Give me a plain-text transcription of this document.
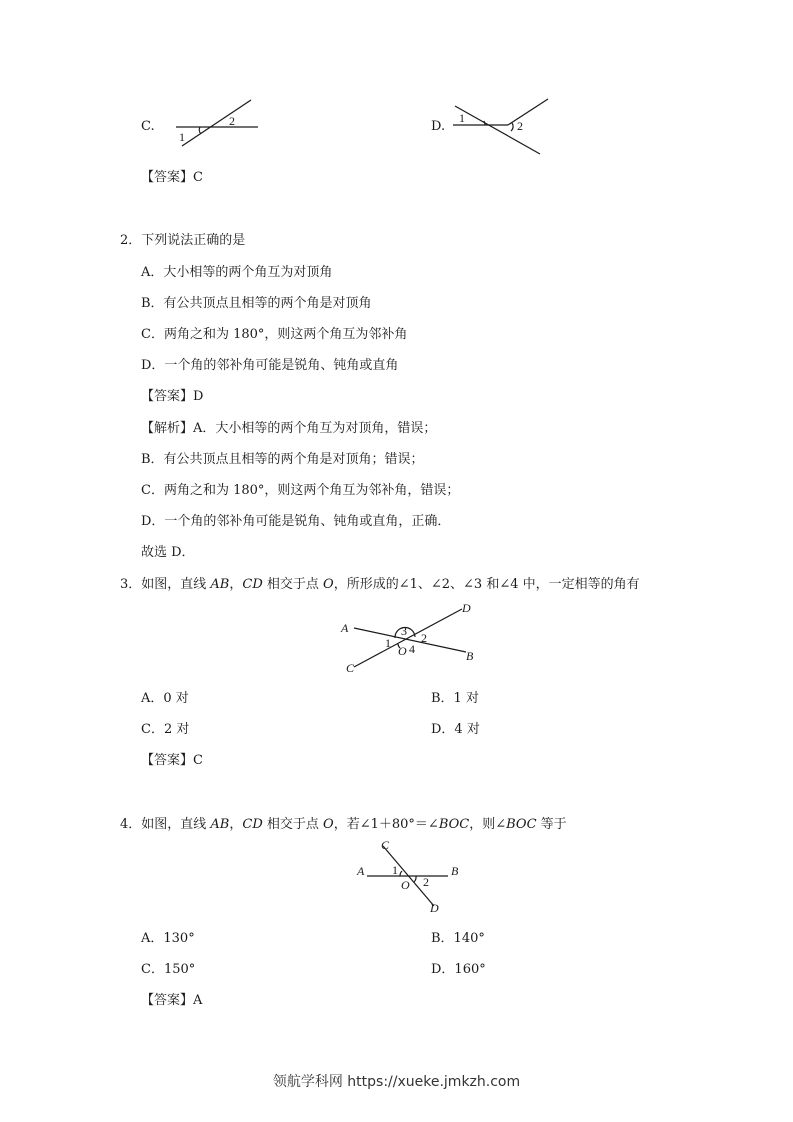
C.
1
2	D.
1
2
【答案】C
2．下列说法正确的是
A．大小相等的两个角互为对顶角
B．有公共顶点且相等的两个角是对顶角
C．两角之和为 180°，则这两个角互为邻补角
D．一个角的邻补角可能是锐角、钝角或直角
【答案】D
【解析】A．大小相等的两个角互为对顶角，错误；
B．有公共顶点且相等的两个角是对顶角；错误；
C．两角之和为 180°，则这两个角互为邻补角，错误；
D．一个角的邻补角可能是锐角、钝角或直角，正确．
故选 D．
3．如图，直线 AB，CD 相交于点 O，所形成的∠1、∠2、∠3 和∠4 中，一定相等的角有
A
B
C
D
O
1	2
3
4
A．0 对	B．1 对
C．2 对	D．4 对
【答案】C
4．如图，直线 AB，CD 相交于点 O，若∠1＋80°＝∠BOC，则∠BOC 等于
A	B
C
D
O
1
2
A．130°	B．140°
C．150°	D．160°
【答案】A
领航学科网 https://xueke.jmkzh.com
